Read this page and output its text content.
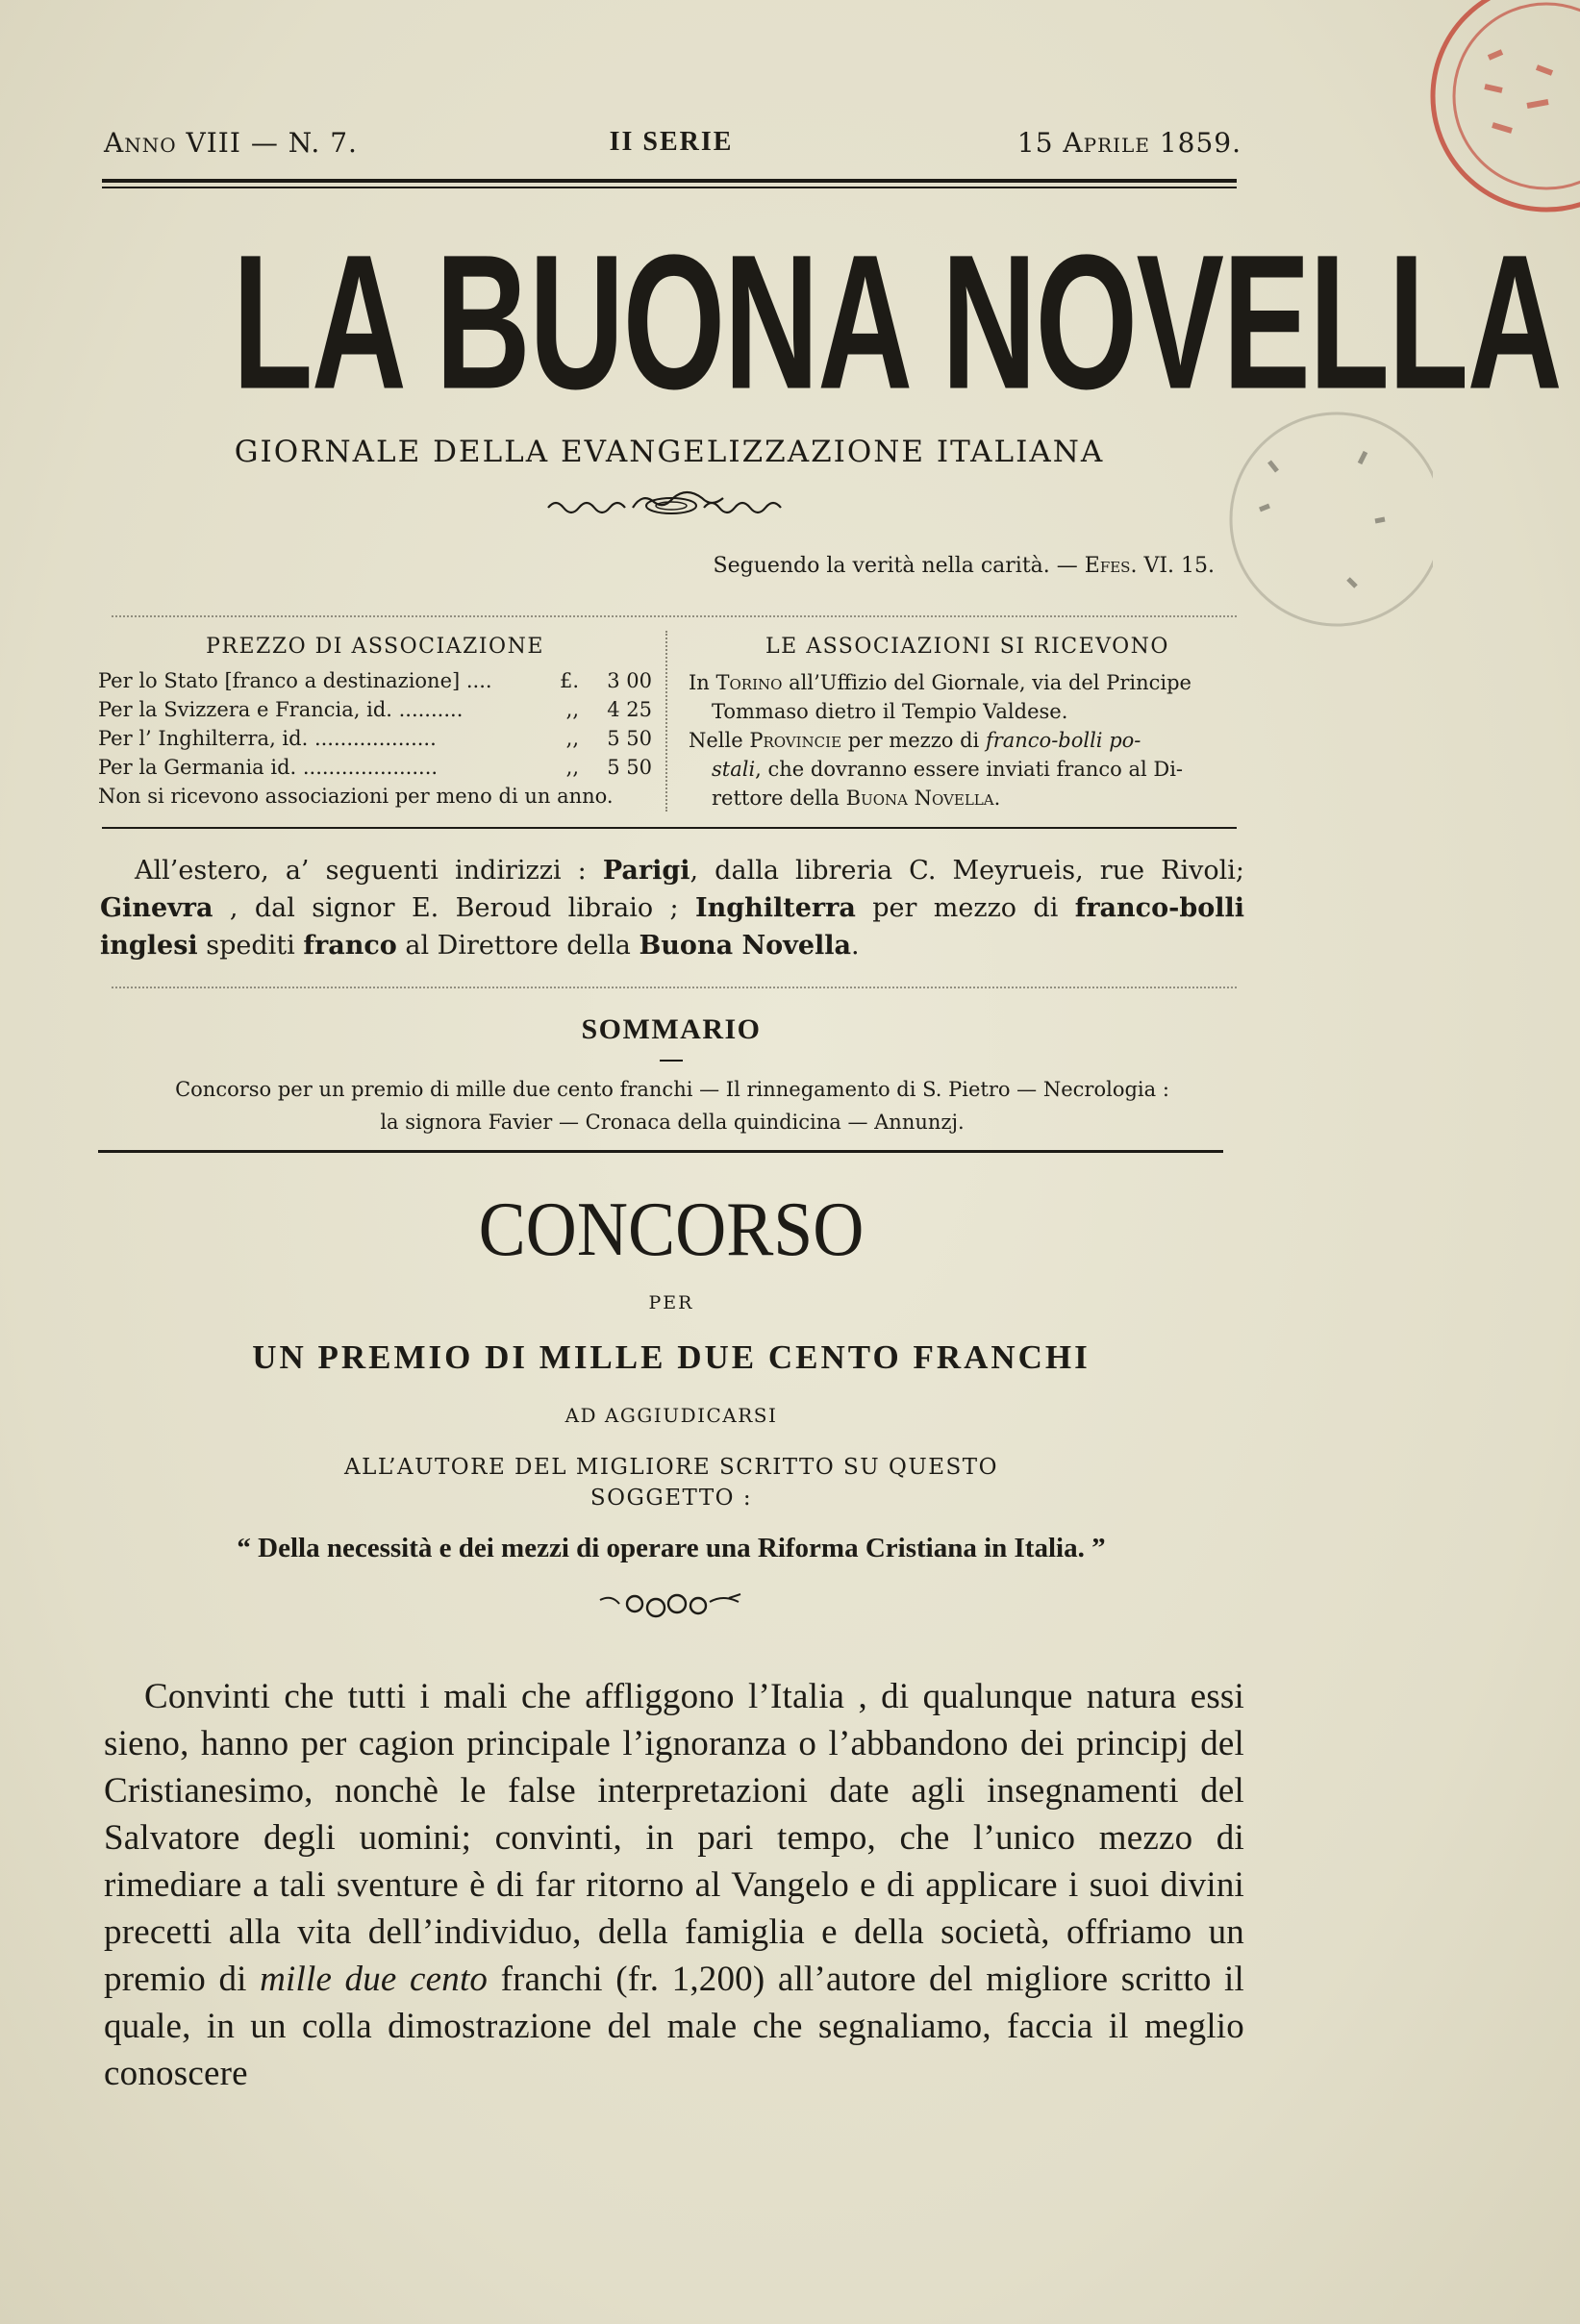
Anno VIII — N. 7.	II SERIE	15 Aprile 1859.
LA BUONA NOVELLA
GIORNALE DELLA EVANGELIZZAZIONE ITALIANA
Seguendo la verità nella carità. — Efes. VI. 15.
PREZZO DI ASSOCIAZIONE
Per lo Stato [franco a destinazione] ....	£. 3 00
Per la Svizzera e Francia, id. ..........	,, 4 25
Per l’ Inghilterra, id. ...................	,, 5 50
Per la Germania id. .....................	,, 5 50
Non si ricevono associazioni per meno di un anno.
LE ASSOCIAZIONI SI RICEVONO
In Torino all’Uffizio del Giornale, via del Principe
Tommaso dietro il Tempio Valdese.
Nelle Provincie per mezzo di franco-bolli po-
stali, che dovranno essere inviati franco al Di-
rettore della Buona Novella.
All’estero, a’ seguenti indirizzi : Parigi, dalla libreria C. Meyrueis, rue Rivoli; Ginevra , dal signor E. Beroud libraio ; Inghilterra per mezzo di franco-bolli inglesi spediti franco al Direttore della Buona Novella.
SOMMARIO
Concorso per un premio di mille due cento franchi — Il rinnegamento di S. Pietro — Necrologia :
la signora Favier — Cronaca della quindicina — Annunzj.
CONCORSO
PER
UN PREMIO DI MILLE DUE CENTO FRANCHI
AD AGGIUDICARSI
ALL’AUTORE DEL MIGLIORE SCRITTO SU QUESTO
SOGGETTO :
“ Della necessità e dei mezzi di operare una Riforma Cristiana in Italia. ”
Convinti che tutti i mali che affliggono l’Italia , di qualunque natura essi sieno, hanno per cagion principale l’ignoranza o l’abbandono dei principj del Cristianesimo, nonchè le false interpretazioni date agli insegnamenti del Salvatore degli uomini; convinti, in pari tempo, che l’unico mezzo di rimediare a tali sventure è di far ritorno al Vangelo e di applicare i suoi divini precetti alla vita dell’individuo, della famiglia e della società, offriamo un premio di mille due cento franchi (fr. 1,200) all’autore del migliore scritto il quale, in un colla dimostrazione del male che segnaliamo, faccia il meglio conoscere
